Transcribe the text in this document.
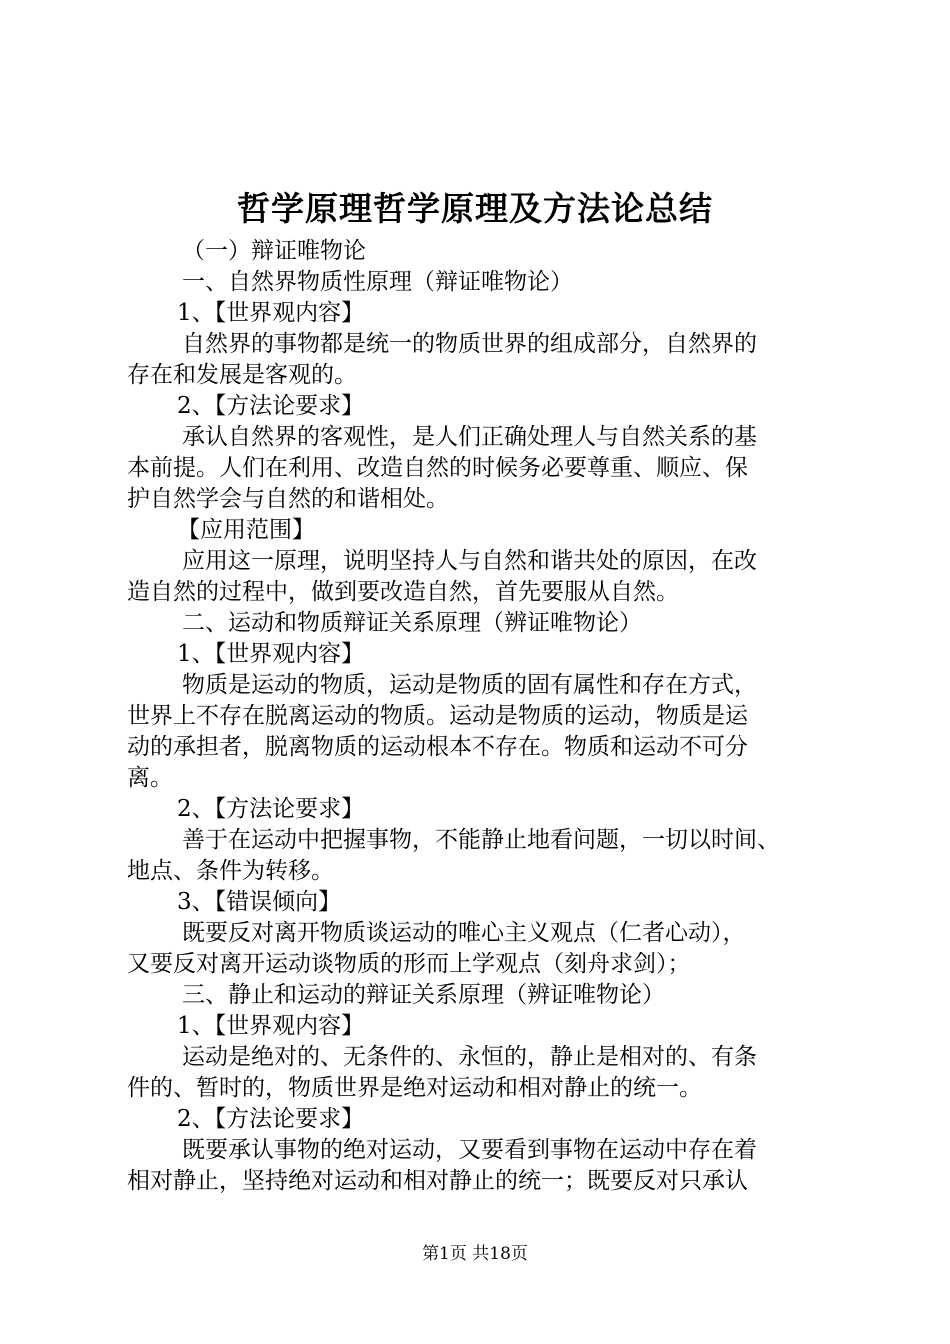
哲学原理哲学原理及方法论总结
（一）辩证唯物论
一、自然界物质性原理（辩证唯物论）
1、【世界观内容】
自然界的事物都是统一的物质世界的组成部分，自然界的
存在和发展是客观的。
2、【方法论要求】
承认自然界的客观性，是人们正确处理人与自然关系的基
本前提。人们在利用、改造自然的时候务必要尊重、顺应、保
护自然学会与自然的和谐相处。
【应用范围】
应用这一原理，说明坚持人与自然和谐共处的原因，在改
造自然的过程中，做到要改造自然，首先要服从自然。
二、运动和物质辩证关系原理（辨证唯物论）
1、【世界观内容】
物质是运动的物质，运动是物质的固有属性和存在方式，
世界上不存在脱离运动的物质。运动是物质的运动，物质是运
动的承担者，脱离物质的运动根本不存在。物质和运动不可分
离。
2、【方法论要求】
善于在运动中把握事物，不能静止地看问题，一切以时间、
地点、条件为转移。
3、【错误倾向】
既要反对离开物质谈运动的唯心主义观点（仁者心动），
又要反对离开运动谈物质的形而上学观点（刻舟求剑）；
三、静止和运动的辩证关系原理（辨证唯物论）
1、【世界观内容】
运动是绝对的、无条件的、永恒的，静止是相对的、有条
件的、暂时的，物质世界是绝对运动和相对静止的统一。
2、【方法论要求】
既要承认事物的绝对运动，又要看到事物在运动中存在着
相对静止，坚持绝对运动和相对静止的统一；既要反对只承认
第1页 共18页
